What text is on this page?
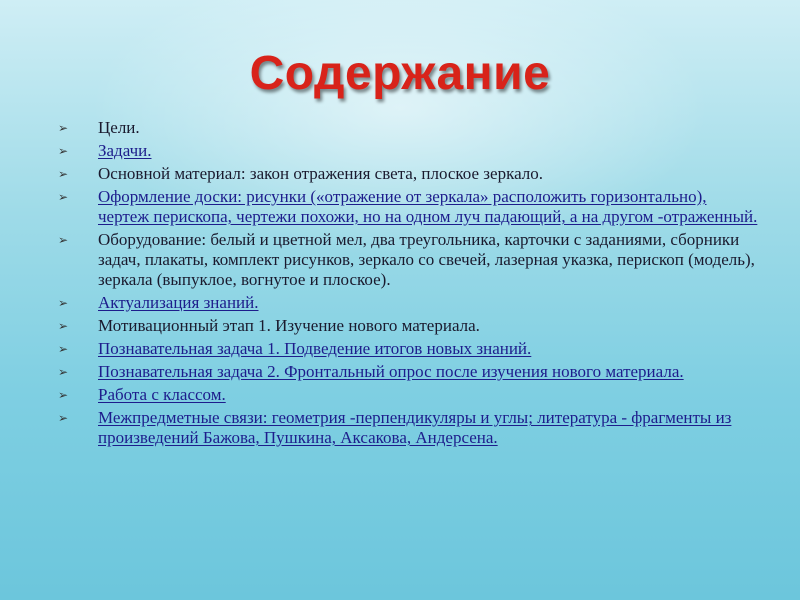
Содержание
➢ Цели.
➢ Задачи.
➢ Основной материал: закон отражения света, плоское зеркало.
➢ Оформление доски: рисунки («отражение от зеркала» расположить горизонтально), чертеж перископа, чертежи похожи, но на одном луч падающий, а на другом -отраженный.
➢ Оборудование: белый и цветной мел, два треугольника, карточки с заданиями, сборники задач, плакаты, комплект рисунков, зеркало со свечей, лазерная указка, перископ (модель), зеркала (выпуклое, вогнутое и плоское).
➢ Актуализация знаний.
➢ Мотивационный этап 1. Изучение нового материала.
➢ Познавательная задача 1. Подведение итогов новых знаний.
➢ Познавательная задача 2. Фронтальный опрос после изучения нового материала.
➢ Работа с классом.
➢ Межпредметные связи: геометрия -перпендикуляры и углы; литература - фрагменты из произведений Бажова, Пушкина, Аксакова, Андерсена.
